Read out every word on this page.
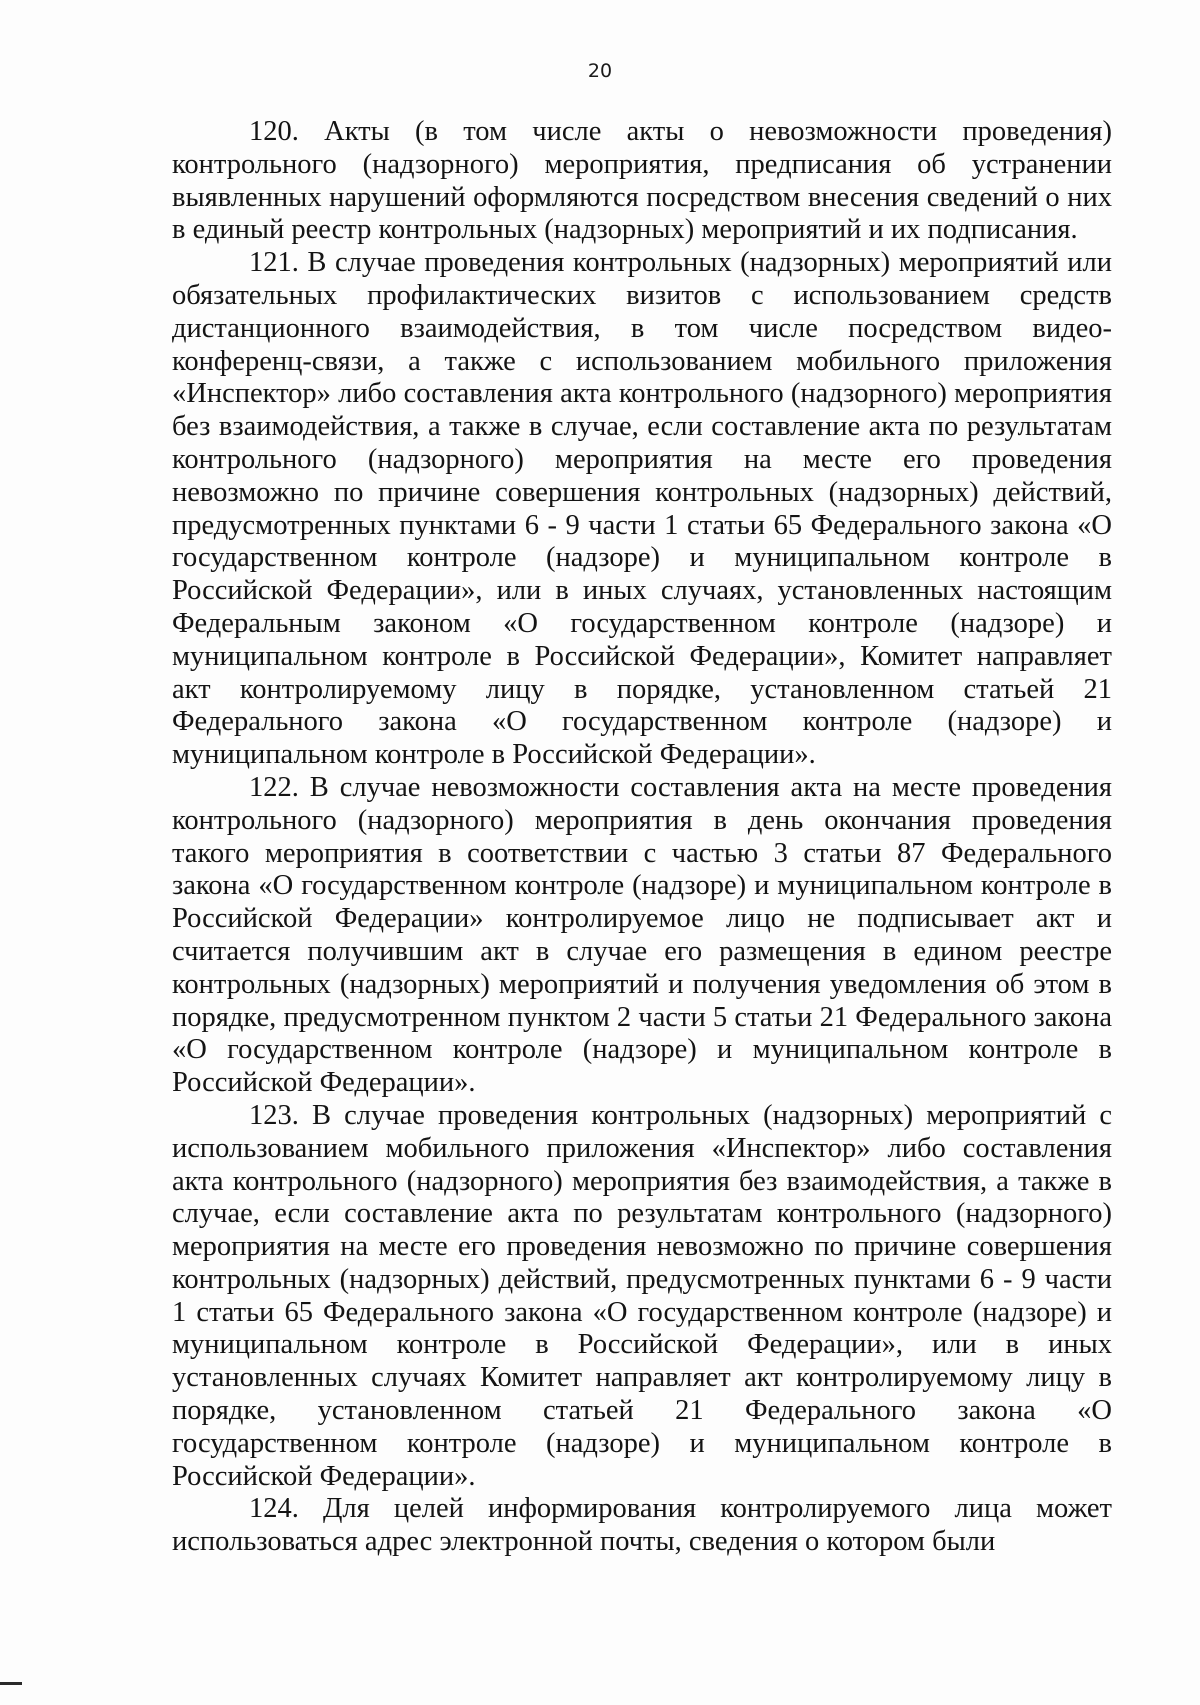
20

120. Акты (в том числе акты о невозможности проведения) контрольного (надзорного) мероприятия, предписания об устранении выявленных нарушений оформляются посредством внесения сведений о них в единый реестр контрольных (надзорных) мероприятий и их подписания.

121. В случае проведения контрольных (надзорных) мероприятий или обязательных профилактических визитов с использованием средств дистанционного взаимодействия, в том числе посредством видео-конференц-связи, а также с использованием мобильного приложения «Инспектор» либо составления акта контрольного (надзорного) мероприятия без взаимодействия, а также в случае, если составление акта по результатам контрольного (надзорного) мероприятия на месте его проведения невозможно по причине совершения контрольных (надзорных) действий, предусмотренных пунктами 6 - 9 части 1 статьи 65 Федерального закона «О государственном контроле (надзоре) и муниципальном контроле в Российской Федерации», или в иных случаях, установленных настоящим Федеральным законом «О государственном контроле (надзоре) и муниципальном контроле в Российской Федерации», Комитет направляет акт контролируемому лицу в порядке, установленном статьей 21 Федерального закона «О государственном контроле (надзоре) и муниципальном контроле в Российской Федерации».

122. В случае невозможности составления акта на месте проведения контрольного (надзорного) мероприятия в день окончания проведения такого мероприятия в соответствии с частью 3 статьи 87 Федерального закона «О государственном контроле (надзоре) и муниципальном контроле в Российской Федерации» контролируемое лицо не подписывает акт и считается получившим акт в случае его размещения в едином реестре контрольных (надзорных) мероприятий и получения уведомления об этом в порядке, предусмотренном пунктом 2 части 5 статьи 21 Федерального закона «О государственном контроле (надзоре) и муниципальном контроле в Российской Федерации».

123. В случае проведения контрольных (надзорных) мероприятий с использованием мобильного приложения «Инспектор» либо составления акта контрольного (надзорного) мероприятия без взаимодействия, а также в случае, если составление акта по результатам контрольного (надзорного) мероприятия на месте его проведения невозможно по причине совершения контрольных (надзорных) действий, предусмотренных пунктами 6 - 9 части 1 статьи 65 Федерального закона «О государственном контроле (надзоре) и муниципальном контроле в Российской Федерации», или в иных установленных случаях Комитет направляет акт контролируемому лицу в порядке, установленном статьей 21 Федерального закона «О государственном контроле (надзоре) и муниципальном контроле в Российской Федерации».

124. Для целей информирования контролируемого лица может использоваться адрес электронной почты, сведения о котором были
